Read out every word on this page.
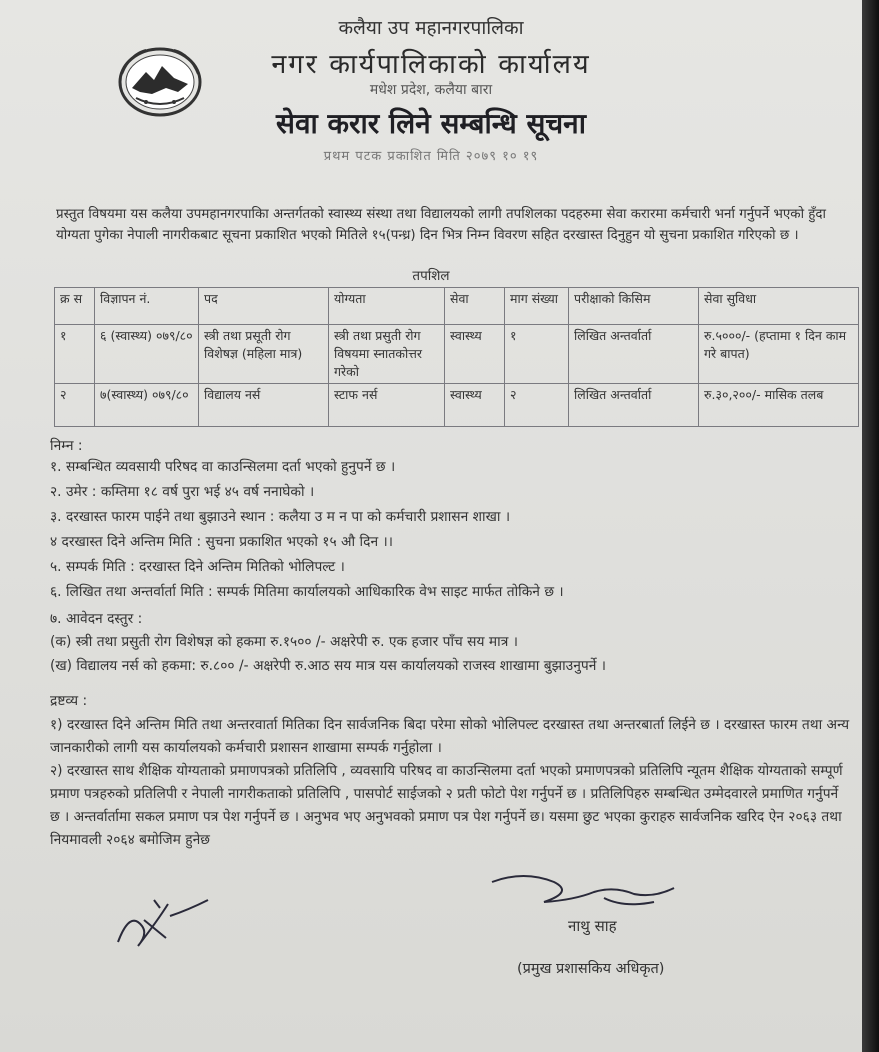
कलैया उप महानगरपालिका
नगर कार्यपालिकाको कार्यालय
मधेश प्रदेश, कलैया बारा
सेवा करार लिने सम्बन्धि सूचना
प्रथम पटक प्रकाशित मिति २०७९ १० १९
प्रस्तुत विषयमा यस कलैया उपमहानगरपाकिा अन्तर्गतको स्वास्थ्य संस्था तथा विद्यालयको लागी तपशिलका पदहरुमा सेवा करारमा कर्मचारी भर्ना गर्नुपर्ने भएको हुँदा योग्यता पुगेका नेपाली नागरीकबाट सूचना प्रकाशित भएको मितिले १५(पन्ध्र) दिन भित्र निम्न विवरण सहित दरखास्त दिनुहुन यो सुचना प्रकाशित गरिएको छ ।
तपशिल
क्र स	विज्ञापन नं.	पद	योग्यता	सेवा	माग संख्या	परीक्षाको किसिम	सेवा सुविधा
१	६ (स्वास्थ्य) ०७९/८०	स्त्री तथा प्रसूती रोग विशेषज्ञ (महिला मात्र)	स्त्री तथा प्रसुती रोग विषयमा स्नातकोत्तर गरेको	स्वास्थ्य	१	लिखित अन्तर्वार्ता	रु.५०००/- (हप्तामा १ दिन काम गरे बापत)
२	७(स्वास्थ्य) ०७९/८०	विद्यालय नर्स	स्टाफ नर्स	स्वास्थ्य	२	लिखित अन्तर्वार्ता	रु.३०,२००/- मासिक तलब
निम्न :
१. सम्बन्धित व्यवसायी परिषद वा काउन्सिलमा दर्ता भएको हुनुपर्ने छ ।
२. उमेर : कम्तिमा १८ वर्ष पुरा भई ४५ वर्ष ननाघेको ।
३. दरखास्त फारम पाईने तथा बुझाउने स्थान : कलैया उ म न पा को कर्मचारी प्रशासन शाखा ।
४ दरखास्त दिने अन्तिम मिति : सुचना प्रकाशित भएको १५ औ दिन ।।
५. सम्पर्क मिति : दरखास्त दिने अन्तिम मितिको भोलिपल्ट ।
६. लिखित तथा अन्तर्वार्ता मिति : सम्पर्क मितिमा कार्यालयको आधिकारिक वेभ साइट मार्फत तोकिने छ ।
७. आवेदन दस्तुर :
(क) स्त्री तथा प्रसुती रोग विशेषज्ञ को हकमा रु.१५०० /- अक्षरेपी रु. एक हजार पाँच सय मात्र ।
(ख) विद्यालय नर्स को हकमा: रु.८०० /- अक्षरेपी रु.आठ सय मात्र यस कार्यालयको राजस्व शाखामा बुझाउनुपर्ने ।

द्रष्टव्य :

१) दरखास्त दिने अन्तिम मिति तथा अन्तरवार्ता मितिका दिन सार्वजनिक बिदा परेमा सोको भोलिपल्ट दरखास्त तथा अन्तरबार्ता लिईने छ । दरखास्त फारम तथा अन्य जानकारीको लागी यस कार्यालयको कर्मचारी प्रशासन शाखामा सम्पर्क गर्नुहोला ।

२) दरखास्त साथ शैक्षिक योग्यताको प्रमाणपत्रको प्रतिलिपि , व्यवसायि परिषद वा काउन्सिलमा दर्ता भएको प्रमाणपत्रको प्रतिलिपि न्यूतम शैक्षिक योग्यताको सम्पूर्ण प्रमाण पत्रहरुको प्रतिलिपी र नेपाली नागरीकताको प्रतिलिपि , पासपोर्ट साईजको २ प्रती फोटो पेश गर्नुपर्ने छ । प्रतिलिपिहरु सम्बन्धित उम्मेदवारले प्रमाणित गर्नुपर्ने छ । अन्तर्वार्तामा सकल प्रमाण पत्र पेश गर्नुपर्ने छ । अनुभव भए अनुभवको प्रमाण पत्र पेश गर्नुपर्ने छ। यसमा छुट भएका कुराहरु सार्वजनिक खरिद ऐन २०६३ तथा नियमावली २०६४ बमोजिम हुनेछ

नाथु साह
(प्रमुख प्रशासकिय अधिकृत)
